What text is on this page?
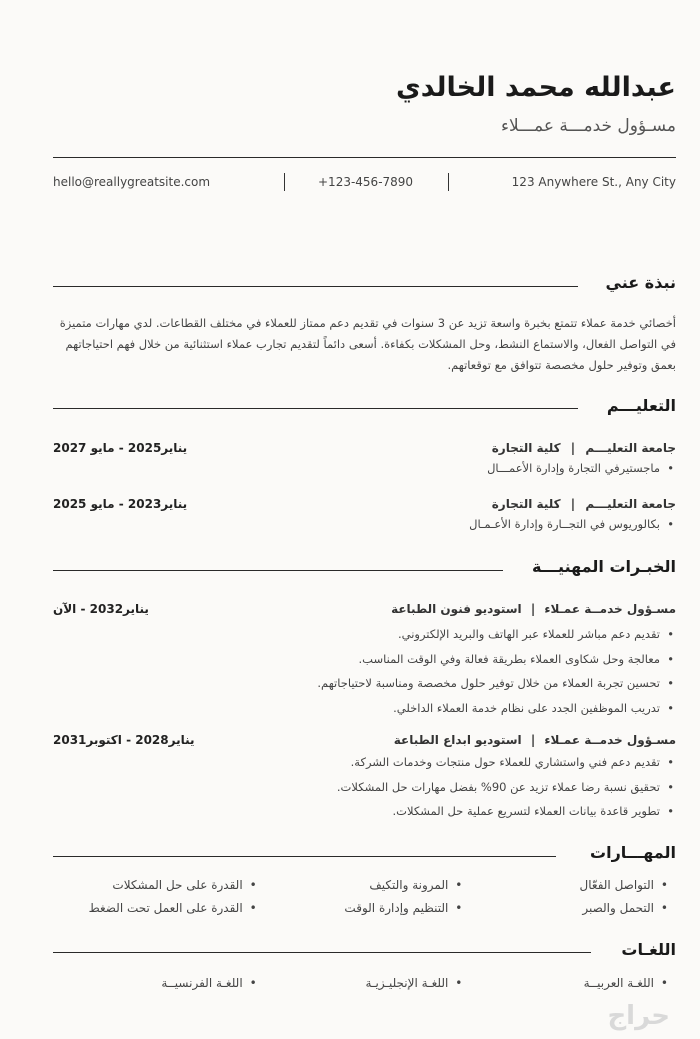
عبدالله محمد الخالدي
مسـؤول خدمـــة عمـــلاء
hello@reallygreatsite.com	+123-456-7890	123 Anywhere St., Any City
نبذة عني
أخصائي خدمة عملاء تتمتع بخبرة واسعة تزيد عن 3 سنوات في تقديم دعم ممتاز للعملاء في مختلف القطاعات. لدي مهارات متميزة في التواصل الفعال، والاستماع النشط، وحل المشكلات بكفاءة. أسعى دائماً لتقديم تجارب عملاء استثنائية من خلال فهم احتياجاتهم بعمق وتوفير حلول مخصصة تتوافق مع توقعاتهم.
التعليـــم
يناير2025 - مايو 2027	جامعة التعليـــم | كلية التجارة
• ماجستيرفي التجارة وإدارة الأعمـــال
يناير2023 - مايو 2025	جامعة التعليـــم | كلية التجارة
• بكالوريوس في التجــارة وإدارة الأعـمـال
الخبـرات المهنيـــة
يناير2032 - الآن	مسـؤول خدمــة عمـلاء | استوديو فنون الطباعة
• تقديم دعم مباشر للعملاء عبر الهاتف والبريد الإلكتروني.
• معالجة وحل شكاوى العملاء بطريقة فعالة وفي الوقت المناسب.
• تحسين تجربة العملاء من خلال توفير حلول مخصصة ومناسبة لاحتياجاتهم.
• تدريب الموظفين الجدد على نظام خدمة العملاء الداخلي.
يناير2028 - اكتوبر2031	مسـؤول خدمــة عمـلاء | استوديو ابداع الطباعة
• تقديم دعم فني واستشاري للعملاء حول منتجات وخدمات الشركة.
• تحقيق نسبة رضا عملاء تزيد عن 90% بفضل مهارات حل المشكلات.
• تطوير قاعدة بيانات العملاء لتسريع عملية حل المشكلات.
المهـــارات
• التواصل الفعّال
• المرونة والتكيف
• القدرة على حل المشكلات
• التحمل والصبر
• التنظيم وإدارة الوقت
• القدرة على العمل تحت الضغط
اللغـات
• اللغـة العربيــة
• اللغـة الإنجليـزيـة
• اللغـة الفرنسيــة
حراج
